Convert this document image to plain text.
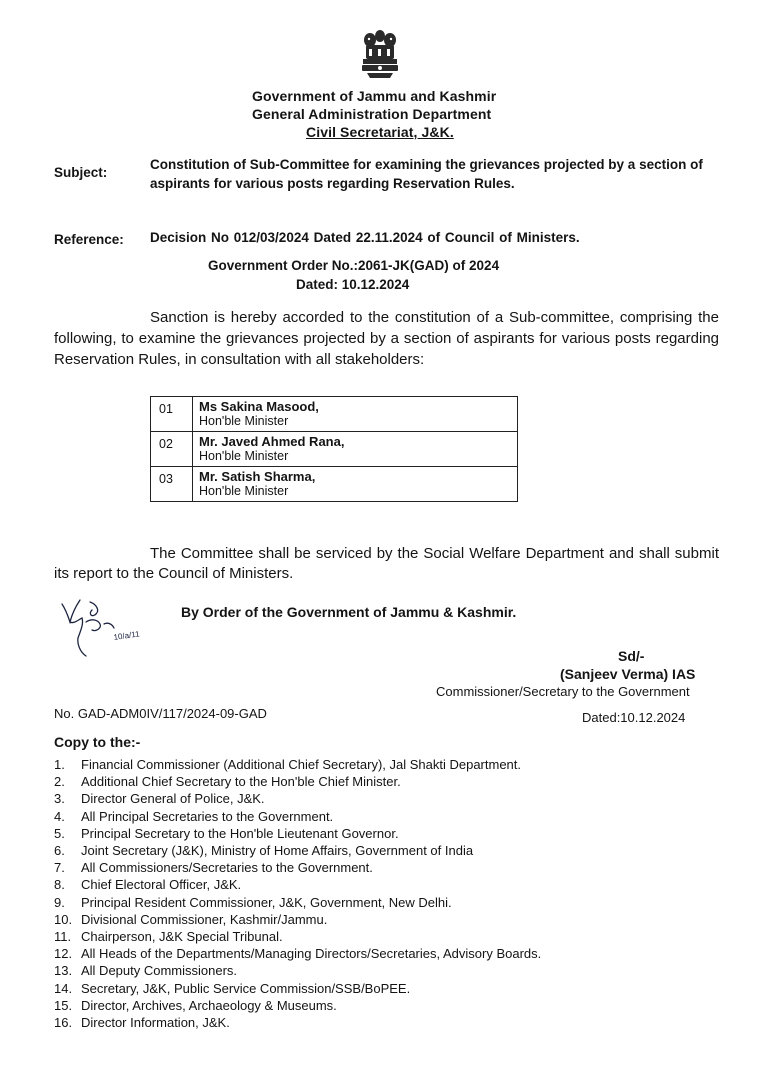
Government of Jammu and Kashmir
General Administration Department
Civil Secretariat, J&K.
Subject:
Constitution of Sub-Committee for examining the grievances projected by a section of aspirants for various posts regarding Reservation Rules.
Reference: Decision No 012/03/2024 Dated 22.11.2024 of Council of Ministers.
Government Order No.:2061-JK(GAD) of 2024
Dated: 10.12.2024
Sanction is hereby accorded to the constitution of a Sub-committee, comprising the following, to examine the grievances projected by a section of aspirants for various posts regarding Reservation Rules, in consultation with all stakeholders:
01	Ms Sakina Masood,
Hon'ble Minister

02	Mr. Javed Ahmed Rana,
Hon'ble Minister

03	Mr. Satish Sharma,
Hon'ble Minister
The Committee shall be serviced by the Social Welfare Department and shall submit its report to the Council of Ministers.
10/a/11
By Order of the Government of Jammu & Kashmir.
Sd/-
(Sanjeev Verma) IAS
Commissioner/Secretary to the Government
No. GAD-ADM0IV/117/2024-09-GAD	Dated:10.12.2024
Copy to the:-
1.	Financial Commissioner (Additional Chief Secretary), Jal Shakti Department.
2.	Additional Chief Secretary to the Hon'ble Chief Minister.
3.	Director General of Police, J&K.
4.	All Principal Secretaries to the Government.
5.	Principal Secretary to the Hon'ble Lieutenant Governor.
6.	Joint Secretary (J&K), Ministry of Home Affairs, Government of India
7.	All Commissioners/Secretaries to the Government.
8.	Chief Electoral Officer, J&K.
9.	Principal Resident Commissioner, J&K, Government, New Delhi.
10. Divisional Commissioner, Kashmir/Jammu.
11. Chairperson, J&K Special Tribunal.
12. All Heads of the Departments/Managing Directors/Secretaries, Advisory Boards.
13. All Deputy Commissioners.
14. Secretary, J&K, Public Service Commission/SSB/BoPEE.
15. Director, Archives, Archaeology & Museums.
16. Director Information, J&K.
